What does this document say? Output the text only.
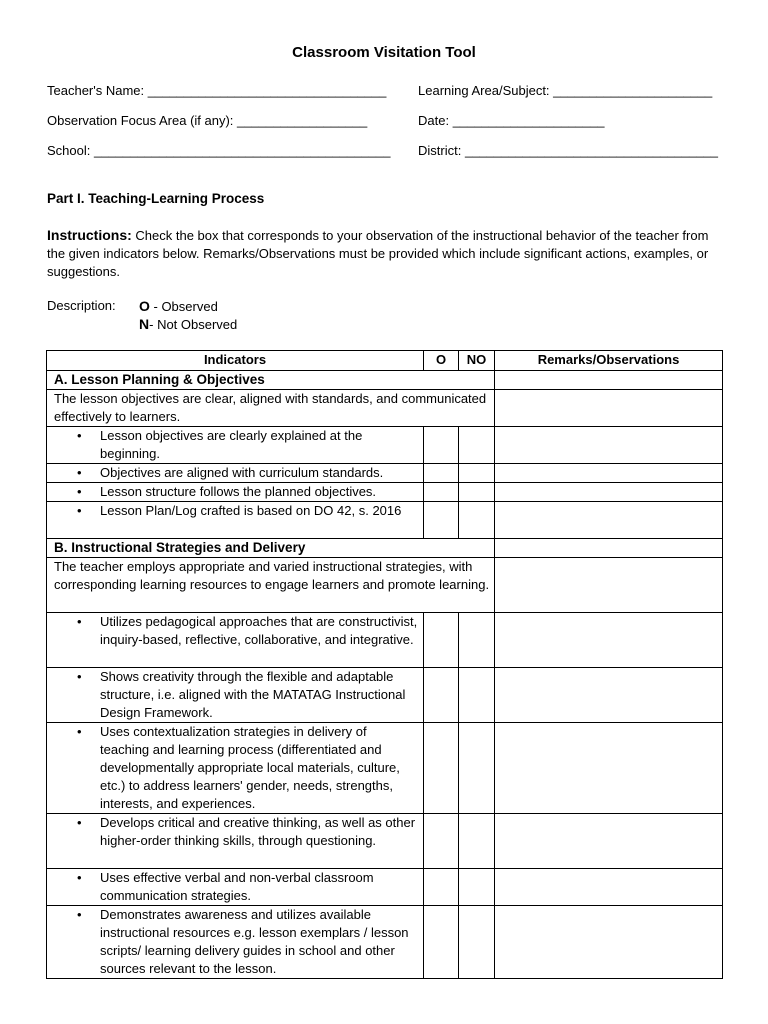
Classroom Visitation Tool
Teacher's Name: _________________________________ Learning Area/Subject: ______________________
Observation Focus Area (if any): __________________	Date: _____________________
School: _________________________________________ District: ___________________________________
Part I. Teaching-Learning Process
Instructions: Check the box that corresponds to your observation of the instructional behavior of the teacher from the given indicators below. Remarks/Observations must be provided which include significant actions, examples, or suggestions.
Description: O - Observed
N- Not Observed
Indicators	O	NO	Remarks/Observations
A. Lesson Planning & Objectives			
The lesson objectives are clear, aligned with standards, and communicated effectively to learners.			

• Lesson objectives are clearly explained at the beginning.			

• Objectives are aligned with curriculum standards.			

• Lesson structure follows the planned objectives.			

• Lesson Plan/Log crafted is based on DO 42, s. 2016			
B. Instructional Strategies and Delivery			
The teacher employs appropriate and varied instructional strategies, with corresponding learning resources to engage learners and promote learning.			

• Utilizes pedagogical approaches that are constructivist, inquiry-based, reflective, collaborative, and integrative.			

• Shows creativity through the flexible and adaptable structure, i.e. aligned with the MATATAG Instructional Design Framework.			

• Uses contextualization strategies in delivery of teaching and learning process (differentiated and developmentally appropriate local materials, culture, etc.) to address learners' gender, needs, strengths, interests, and experiences.			

• Develops critical and creative thinking, as well as other higher-order thinking skills, through questioning.			

• Uses effective verbal and non-verbal classroom communication strategies.			

• Demonstrates awareness and utilizes available instructional resources e.g. lesson exemplars / lesson scripts/ learning delivery guides in school and other sources relevant to the lesson.			
